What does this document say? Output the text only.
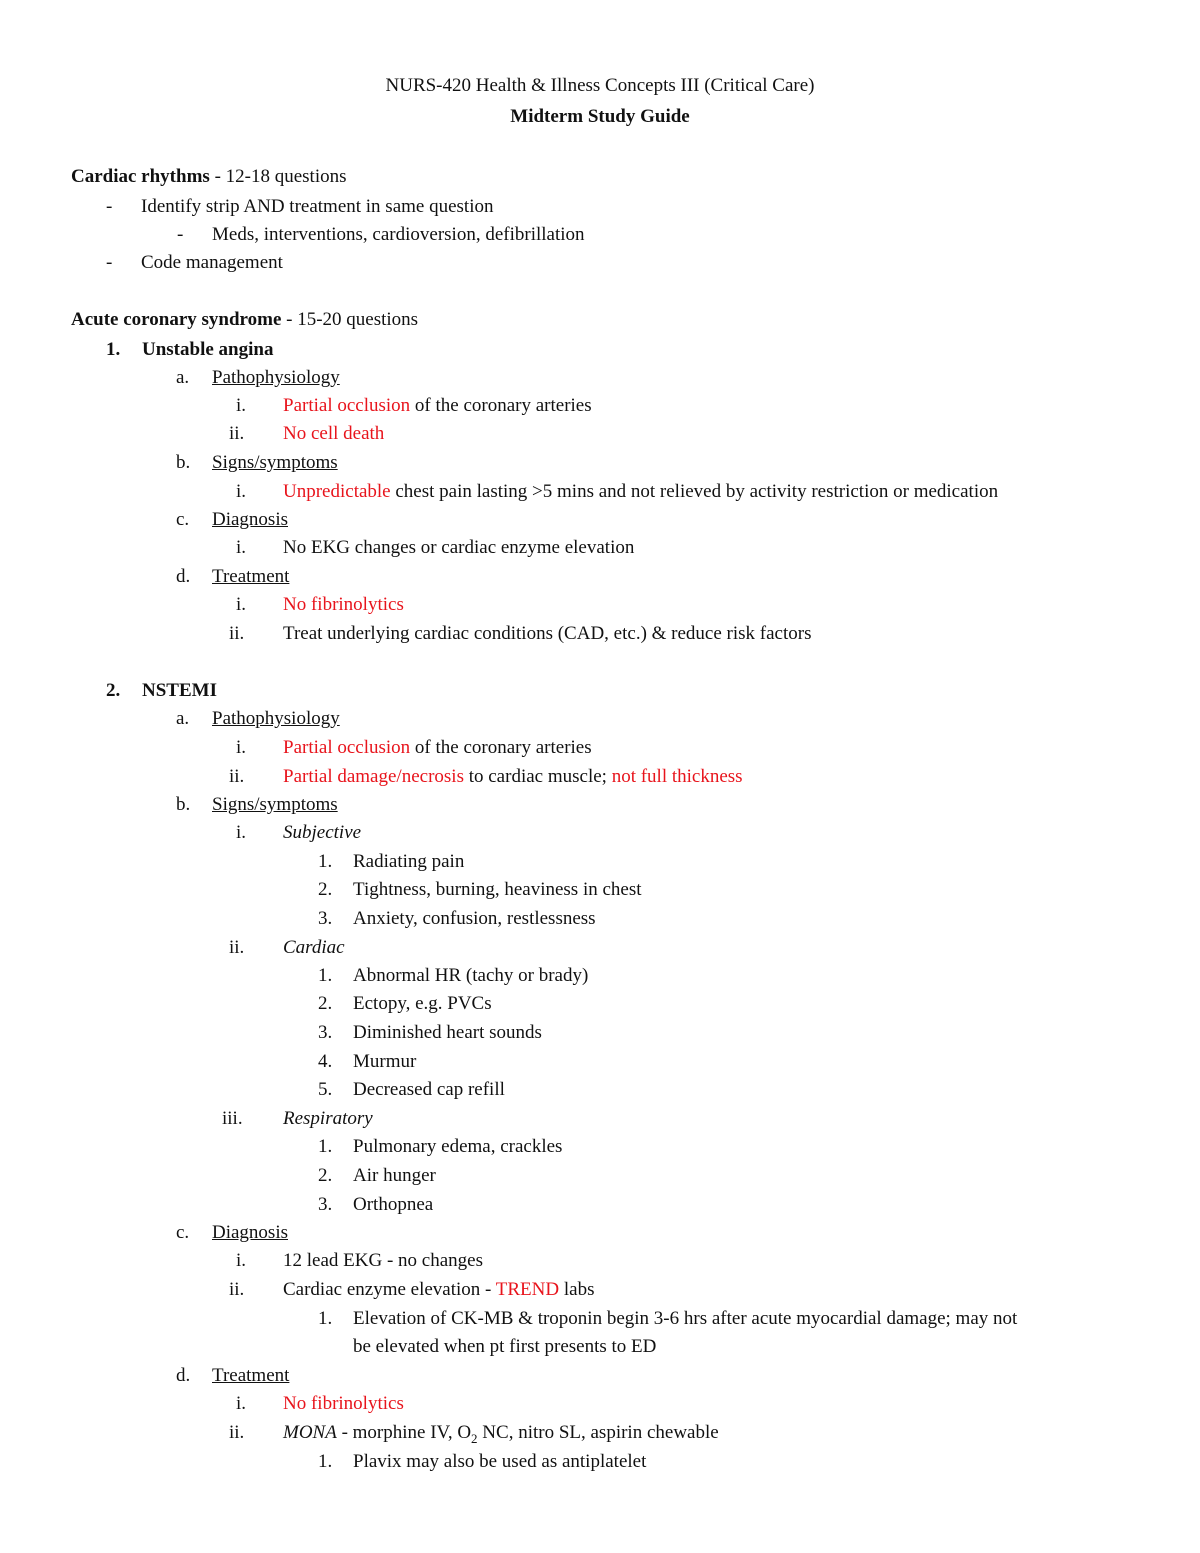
NURS-420 Health & Illness Concepts III (Critical Care)
Midterm Study Guide
Cardiac rhythms - 12-18 questions
- Identify strip AND treatment in same question
- Meds, interventions, cardioversion, defibrillation
- Code management
Acute coronary syndrome - 15-20 questions
1. Unstable angina
a. Pathophysiology
i. Partial occlusion of the coronary arteries
ii. No cell death
b. Signs/symptoms
i. Unpredictable chest pain lasting >5 mins and not relieved by activity restriction or medication
c. Diagnosis
i. No EKG changes or cardiac enzyme elevation
d. Treatment
i. No fibrinolytics
ii. Treat underlying cardiac conditions (CAD, etc.) & reduce risk factors
2. NSTEMI
a. Pathophysiology
i. Partial occlusion of the coronary arteries
ii. Partial damage/necrosis to cardiac muscle; not full thickness
b. Signs/symptoms
i. Subjective
1. Radiating pain
2. Tightness, burning, heaviness in chest
3. Anxiety, confusion, restlessness
ii. Cardiac
1. Abnormal HR (tachy or brady)
2. Ectopy, e.g. PVCs
3. Diminished heart sounds
4. Murmur
5. Decreased cap refill
iii. Respiratory
1. Pulmonary edema, crackles
2. Air hunger
3. Orthopnea
c. Diagnosis
i. 12 lead EKG - no changes
ii. Cardiac enzyme elevation - TREND labs
1. Elevation of CK-MB & troponin begin 3-6 hrs after acute myocardial damage; may not
be elevated when pt first presents to ED
d. Treatment
i. No fibrinolytics
ii. MONA - morphine IV, $O_2$ NC, nitro SL, aspirin chewable
1. Plavix may also be used as antiplatelet
